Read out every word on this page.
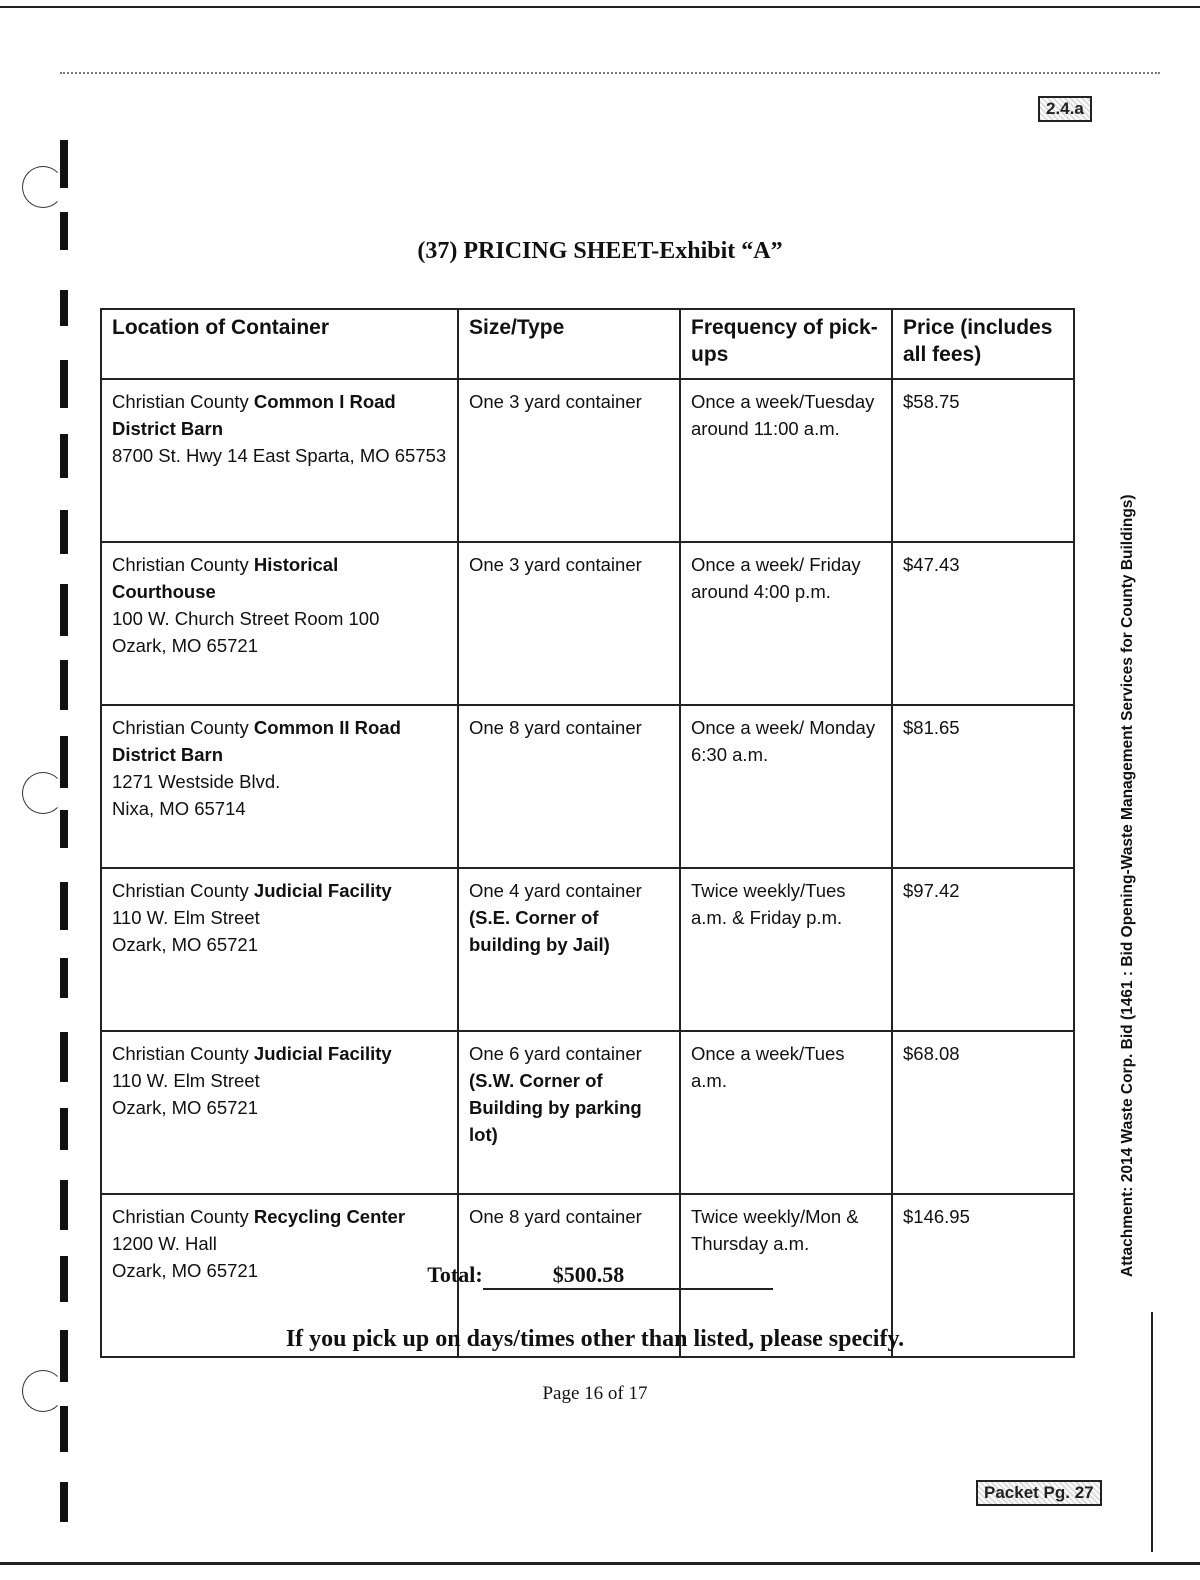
2.4.a
Attachment: 2014 Waste Corp. Bid (1461 : Bid Opening-Waste Management Services for County Buildings)
(37) PRICING SHEET-Exhibit “A”
Location of Container	Size/Type	Frequency of pick-ups	Price (includes all fees)
Christian County Common I Road District Barn
8700 St. Hwy 14 East Sparta, MO 65753	One 3 yard container	Once a week/Tuesday around 11:00 a.m.	$58.75
Christian County Historical Courthouse
100 W. Church Street Room 100
Ozark, MO 65721	One 3 yard container	Once a week/ Friday around 4:00 p.m.	$47.43
Christian County Common II Road District Barn
1271 Westside Blvd.
Nixa, MO 65714	One 8 yard container	Once a week/ Monday 6:30 a.m.	$81.65
Christian County Judicial Facility
110 W. Elm Street
Ozark, MO 65721	One 4 yard container (S.E. Corner of building by Jail)	Twice weekly/Tues a.m. & Friday p.m.	$97.42
Christian County Judicial Facility
110 W. Elm Street
Ozark, MO 65721	One 6 yard container (S.W. Corner of Building by parking lot)	Once a week/Tues a.m.	$68.08
Christian County Recycling Center
1200 W. Hall
Ozark, MO 65721	One 8 yard container	Twice weekly/Mon & Thursday a.m.	$146.95
Total:	$500.58
If you pick up on days/times other than listed, please specify.
Page 16 of 17
Packet Pg. 27
